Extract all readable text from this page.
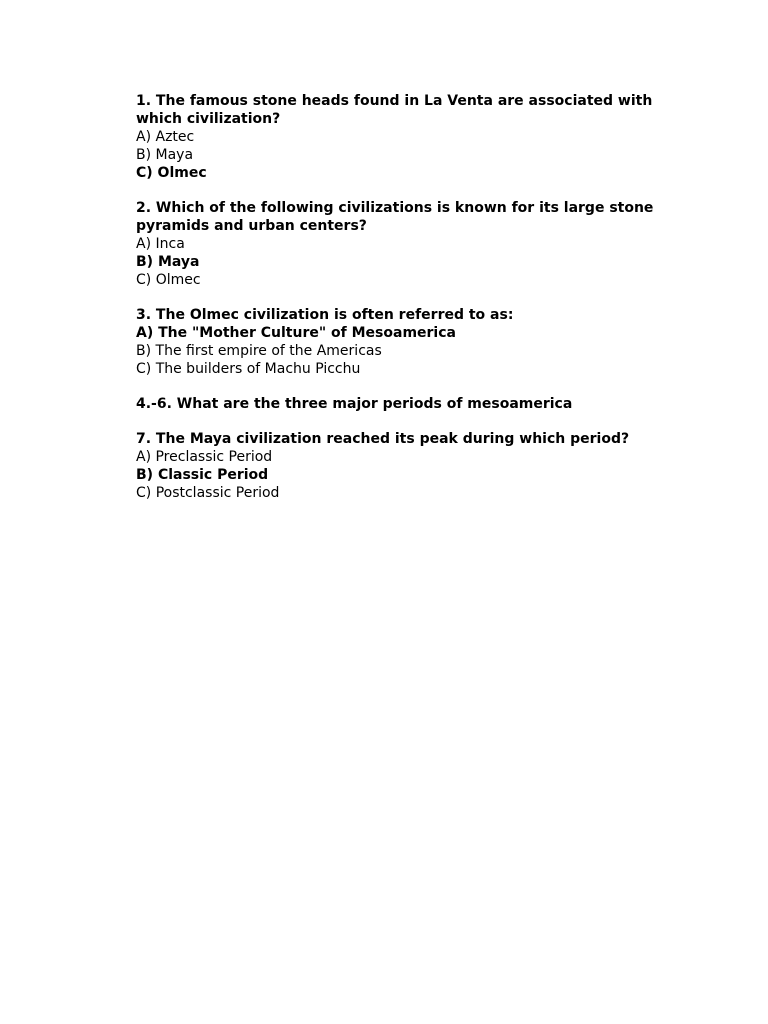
1. The famous stone heads found in La Venta are associated with which civilization?

A) Aztec

B) Maya

C) Olmec

2. Which of the following civilizations is known for its large stone pyramids and urban centers?

A) Inca

B) Maya

C) Olmec

3. The Olmec civilization is often referred to as:

A) The "Mother Culture" of Mesoamerica

B) The first empire of the Americas

C) The builders of Machu Picchu

4.-6. What are the three major periods of mesoamerica

7. The Maya civilization reached its peak during which period?

A) Preclassic Period

B) Classic Period

C) Postclassic Period
